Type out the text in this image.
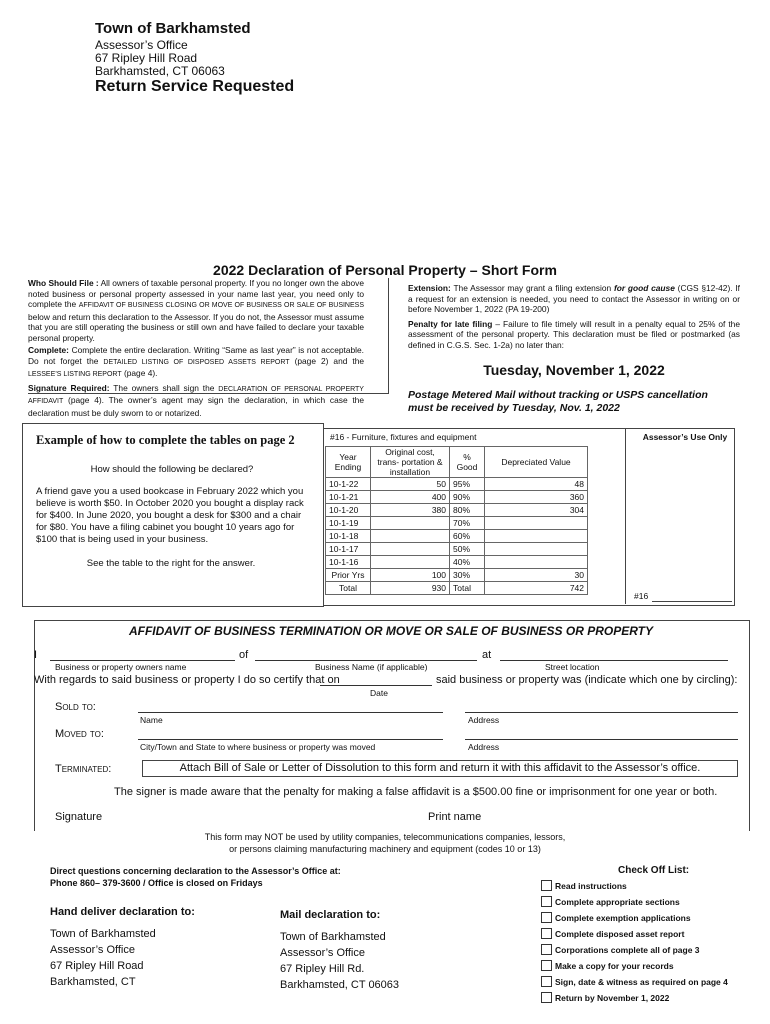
Town of Barkhamsted
Assessor’s Office
67 Ripley Hill Road
Barkhamsted, CT 06063
Return Service Requested
2022 Declaration of Personal Property – Short Form

Who Should File : All owners of taxable personal property. If you no longer own the above noted business or personal property assessed in your name last year, you need only to complete the AFFIDAVIT OF BUSINESS CLOSING OR MOVE OF BUSINESS OR SALE OF BUSINESS below and return this declaration to the Assessor. If you do not, the Assessor must assume that you are still operating the business or still own and have failed to declare your taxable personal property.

Complete: Complete the entire declaration. Writing “Same as last year” is not acceptable. Do not forget the DETAILED LISTING OF DISPOSED ASSETS REPORT (page 2) and the LESSEE’S LISTING REPORT (page 4).

Signature Required: The owners shall sign the DECLARATION OF PERSONAL PROPERTY AFFIDAVIT (page 4). The owner’s agent may sign the declaration, in which case the declaration must be duly sworn to or notarized.

Extension: The Assessor may grant a filing extension for good cause (CGS §12-42). If a request for an extension is needed, you need to contact the Assessor in writing on or before November 1, 2022 (PA 19-200)

Penalty for late filing – Failure to file timely will result in a penalty equal to 25% of the assessment of the personal property. This declaration must be filed or postmarked (as defined in C.G.S. Sec. 1-2a) no later than:

Tuesday, November 1, 2022
Postage Metered Mail without tracking or USPS cancellation
must be received by Tuesday, Nov. 1, 2022
Example of how to complete the tables on page 2
How should the following be declared?
A friend gave you a used bookcase in February 2022 which you believe is worth $50. In October 2020 you bought a display rack for $400. In June 2020, you bought a desk for $300 and a chair for $80. You have a filing cabinet you bought 10 years ago for $100 that is being used in your business.
See the table to the right for the answer.
#16 - Furniture, fixtures and equipment	Assessor’s Use Only
Year Ending	Original cost, trans- portation & installation	% Good	Depreciated Value
10-1-22	50	95%	48
10-1-21	400	90%	360
10-1-20	380	80%	304
10-1-19		70%	
10-1-18		60%	
10-1-17		50%	
10-1-16		40%	
Prior Yrs	100	30%	30
Total	930	Total	742
#16
AFFIDAVIT OF BUSINESS TERMINATION OR MOVE OR SALE OF BUSINESS OR PROPERTY
I	of	at
Business or property owners name	Business Name (if applicable)	Street location
With regards to said business or property I do so certify that on	said business or property was (indicate which one by circling):
Date
Sold to:
Name	Address
Moved to:
City/Town and State to where business or property was moved	Address
Terminated:	Attach Bill of Sale or Letter of Dissolution to this form and return it with this affidavit to the Assessor’s office.
The signer is made aware that the penalty for making a false affidavit is a $500.00 fine or imprisonment for one year or both.
Signature	Print name
This form may NOT be used by utility companies, telecommunications companies, lessors,
or persons claiming manufacturing machinery and equipment (codes 10 or 13)
Direct questions concerning declaration to the Assessor’s Office at:
Phone 860– 379-3600 / Office is closed on Fridays
Hand deliver declaration to:
Town of Barkhamsted
Assessor’s Office
67 Ripley Hill Road
Barkhamsted, CT
Mail declaration to:
Town of Barkhamsted
Assessor’s Office
67 Ripley Hill Rd.
Barkhamsted, CT 06063
Check Off List:
Read instructions
Complete appropriate sections
Complete exemption applications
Complete disposed asset report
Corporations complete all of page 3
Make a copy for your records
Sign, date & witness as required on page 4
Return by November 1, 2022
